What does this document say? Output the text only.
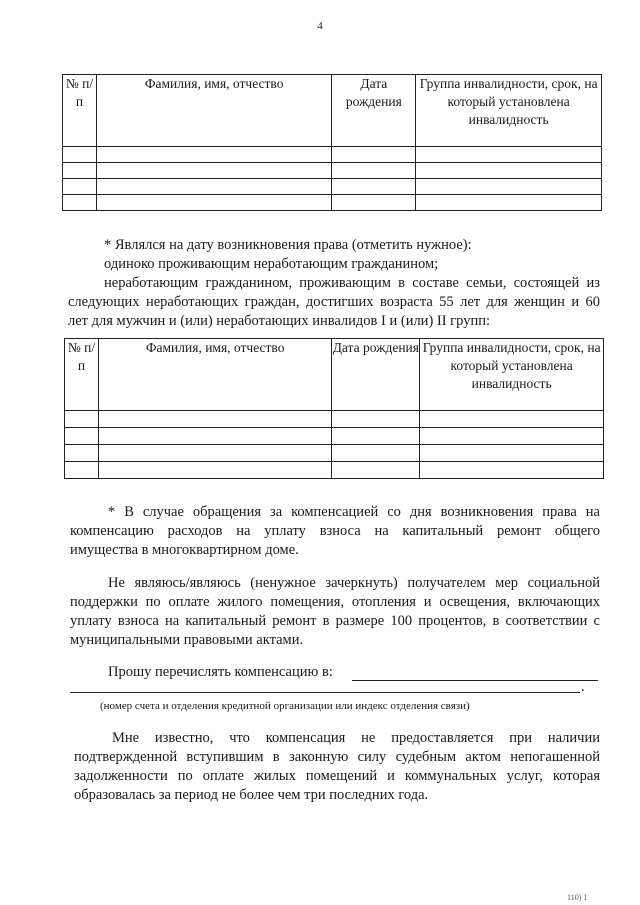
4
№ п/п	Фамилия, имя, отчество	Дата рождения	Группа инвалидности, срок, на который установлена инвалидность

* Являлся на дату возникновения права (отметить нужное):
одиноко проживающим неработающим гражданином;
неработающим гражданином, проживающим в составе семьи, состоящей из
следующих неработающих граждан, достигших возраста 55 лет для женщин и 60
лет для мужчин и (или) неработающих инвалидов I и (или) II групп:
№ п/п	Фамилия, имя, отчество	Дата рождения	Группа инвалидности, срок, на который установлена инвалидность

* В случае обращения за компенсацией со дня возникновения права на
компенсацию расходов на уплату взноса на капитальный ремонт общего
имущества в многоквартирном доме.
Не являюсь/являюсь (ненужное зачеркнуть) получателем мер социальной
поддержки по оплате жилого помещения, отопления и освещения, включающих
уплату взноса на капитальный ремонт в размере 100 процентов, в соответствии с
муниципальными правовыми актами.
Прошу перечислять компенсацию в:
.
(номер счета и отделения кредитной организации или индекс отделения связи)
Мне известно, что компенсация не предоставляется при наличии
подтвержденной вступившим в законную силу судебным актом непогашенной
задолженности по оплате жилых помещений и коммунальных услуг, которая
образовалась за период не более чем три последних года.
110) 1
